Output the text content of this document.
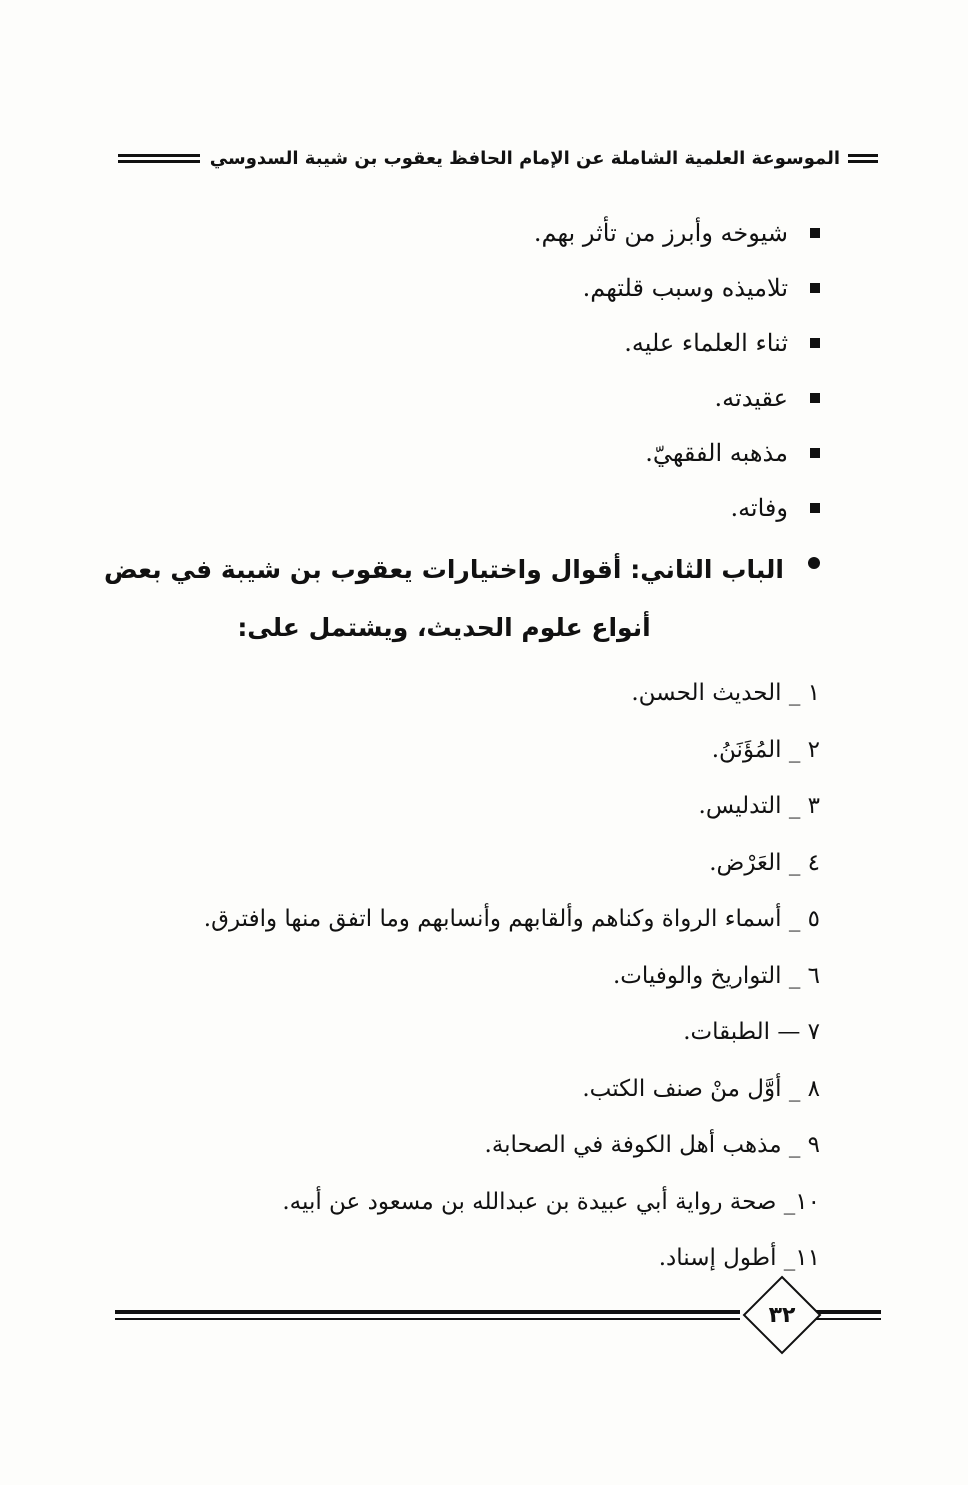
الموسوعة العلمية الشاملة عن الإمام الحافظ يعقوب بن شيبة السدوسي
شيوخه وأبرز من تأثر بهم.
تلاميذه وسبب قلتهم.
ثناء العلماء عليه.
عقيدته.
مذهبه الفقهيّ.
وفاته.
الباب الثاني: أقوال واختيارات يعقوب بن شيبة في بعض أنواع علوم الحديث، ويشتمل على:
١ _ الحديث الحسن.
٢ _ المُؤَنَنُ.
٣ _ التدليس.
٤ _ العَرْض.
٥ _ أسماء الرواة وكناهم وألقابهم وأنسابهم وما اتفق منها وافترق.
٦ _ التواريخ والوفيات.
٧ — الطبقات.
٨ _ أوَّل منْ صنف الكتب.
٩ _ مذهب أهل الكوفة في الصحابة.
١٠_ صحة رواية أبي عبيدة بن عبدالله بن مسعود عن أبيه.
١١_ أطول إسناد.
٣٢
